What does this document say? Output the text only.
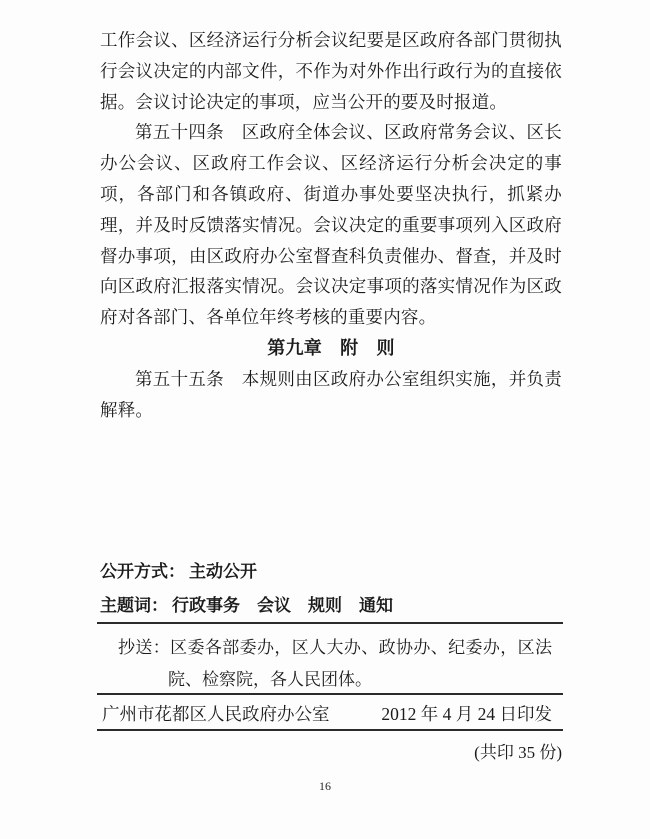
工作会议、区经济运行分析会议纪要是区政府各部门贯彻执行会议决定的内部文件，不作为对外作出行政行为的直接依据。会议讨论决定的事项，应当公开的要及时报道。

第五十四条　区政府全体会议、区政府常务会议、区长办公会议、区政府工作会议、区经济运行分析会决定的事项，各部门和各镇政府、街道办事处要坚决执行，抓紧办理，并及时反馈落实情况。会议决定的重要事项列入区政府督办事项，由区政府办公室督查科负责催办、督查，并及时向区政府汇报落实情况。会议决定事项的落实情况作为区政府对各部门、各单位年终考核的重要内容。

第九章　附　则

第五十五条　本规则由区政府办公室组织实施，并负责解释。

公开方式： 主动公开
主题词： 行政事务　会议　规则　通知
抄送：区委各部委办，区人大办、政协办、纪委办，区法院、检察院，各人民团体。
广州市花都区人民政府办公室	2012 年 4 月 24 日印发
(共印 35 份)
16
